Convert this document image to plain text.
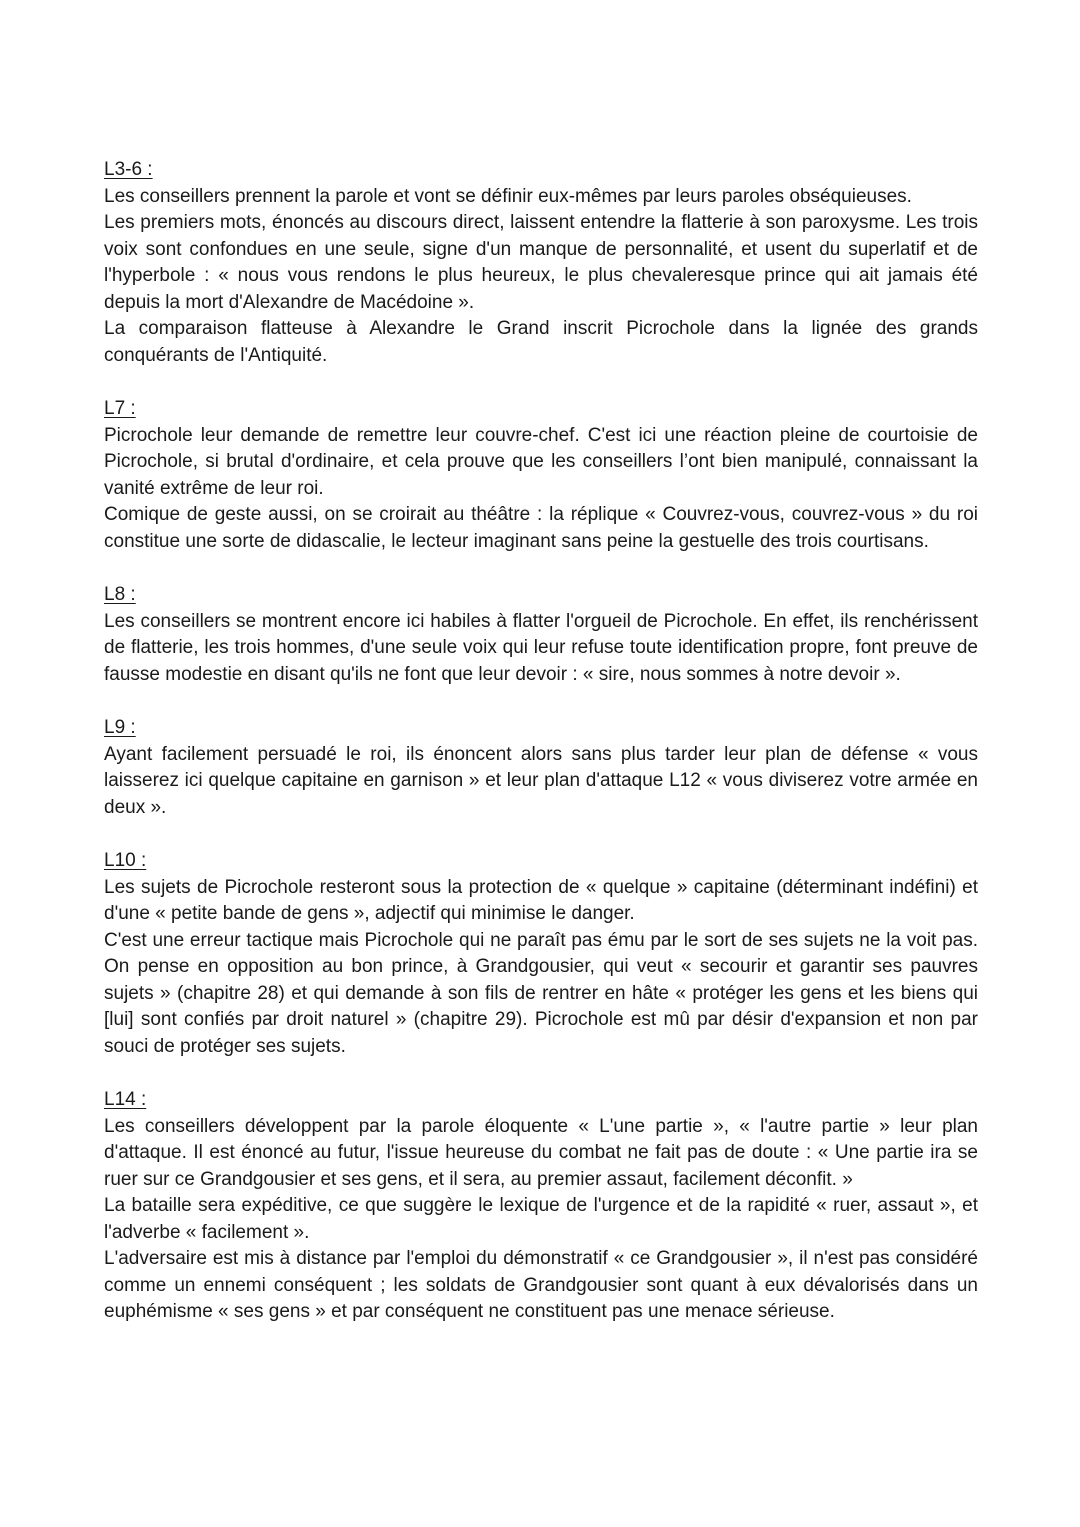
L3-6 :

Les conseillers prennent la parole et vont se définir eux-mêmes par leurs paroles obséquieuses.

Les premiers mots, énoncés au discours direct, laissent entendre la flatterie à son paroxysme. Les trois voix sont confondues en une seule, signe d'un manque de personnalité, et usent du superlatif et de l'hyperbole : « nous vous rendons le plus heureux, le plus chevaleresque prince qui ait jamais été depuis la mort d'Alexandre de Macédoine ».

La comparaison flatteuse à Alexandre le Grand inscrit Picrochole dans la lignée des grands conquérants de l'Antiquité.

L7 :

Picrochole leur demande de remettre leur couvre-chef. C'est ici une réaction pleine de courtoisie de Picrochole, si brutal d'ordinaire, et cela prouve que les conseillers l’ont bien manipulé, connaissant la vanité extrême de leur roi.

Comique de geste aussi, on se croirait au théâtre : la réplique « Couvrez-vous, couvrez-vous » du roi constitue une sorte de didascalie, le lecteur imaginant sans peine la gestuelle des trois courtisans.

L8 :

Les conseillers se montrent encore ici habiles à flatter l'orgueil de Picrochole. En effet, ils renchérissent de flatterie, les trois hommes, d'une seule voix qui leur refuse toute identification propre, font preuve de fausse modestie en disant qu'ils ne font que leur devoir : « sire, nous sommes à notre devoir ».

L9 :

Ayant facilement persuadé le roi, ils énoncent alors sans plus tarder leur plan de défense « vous laisserez ici quelque capitaine en garnison » et leur plan d'attaque L12 « vous diviserez votre armée en deux ».

L10 :

Les sujets de Picrochole resteront sous la protection de « quelque » capitaine (déterminant indéfini) et d'une « petite bande de gens », adjectif qui minimise le danger.

C'est une erreur tactique mais Picrochole qui ne paraît pas ému par le sort de ses sujets ne la voit pas. On pense en opposition au bon prince, à Grandgousier, qui veut « secourir et garantir ses pauvres sujets » (chapitre 28) et qui demande à son fils de rentrer en hâte « protéger les gens et les biens qui [lui] sont confiés par droit naturel » (chapitre 29). Picrochole est mû par désir d'expansion et non par souci de protéger ses sujets.

L14 :

Les conseillers développent par la parole éloquente « L'une partie », « l'autre partie » leur plan d'attaque. Il est énoncé au futur, l'issue heureuse du combat ne fait pas de doute : « Une partie ira se ruer sur ce Grandgousier et ses gens, et il sera, au premier assaut, facilement déconfit. »

La bataille sera expéditive, ce que suggère le lexique de l'urgence et de la rapidité « ruer, assaut », et l'adverbe « facilement ».

L'adversaire est mis à distance par l'emploi du démonstratif « ce Grandgousier », il n'est pas considéré comme un ennemi conséquent ; les soldats de Grandgousier sont quant à eux dévalorisés dans un euphémisme « ses gens » et par conséquent ne constituent pas une menace sérieuse.
